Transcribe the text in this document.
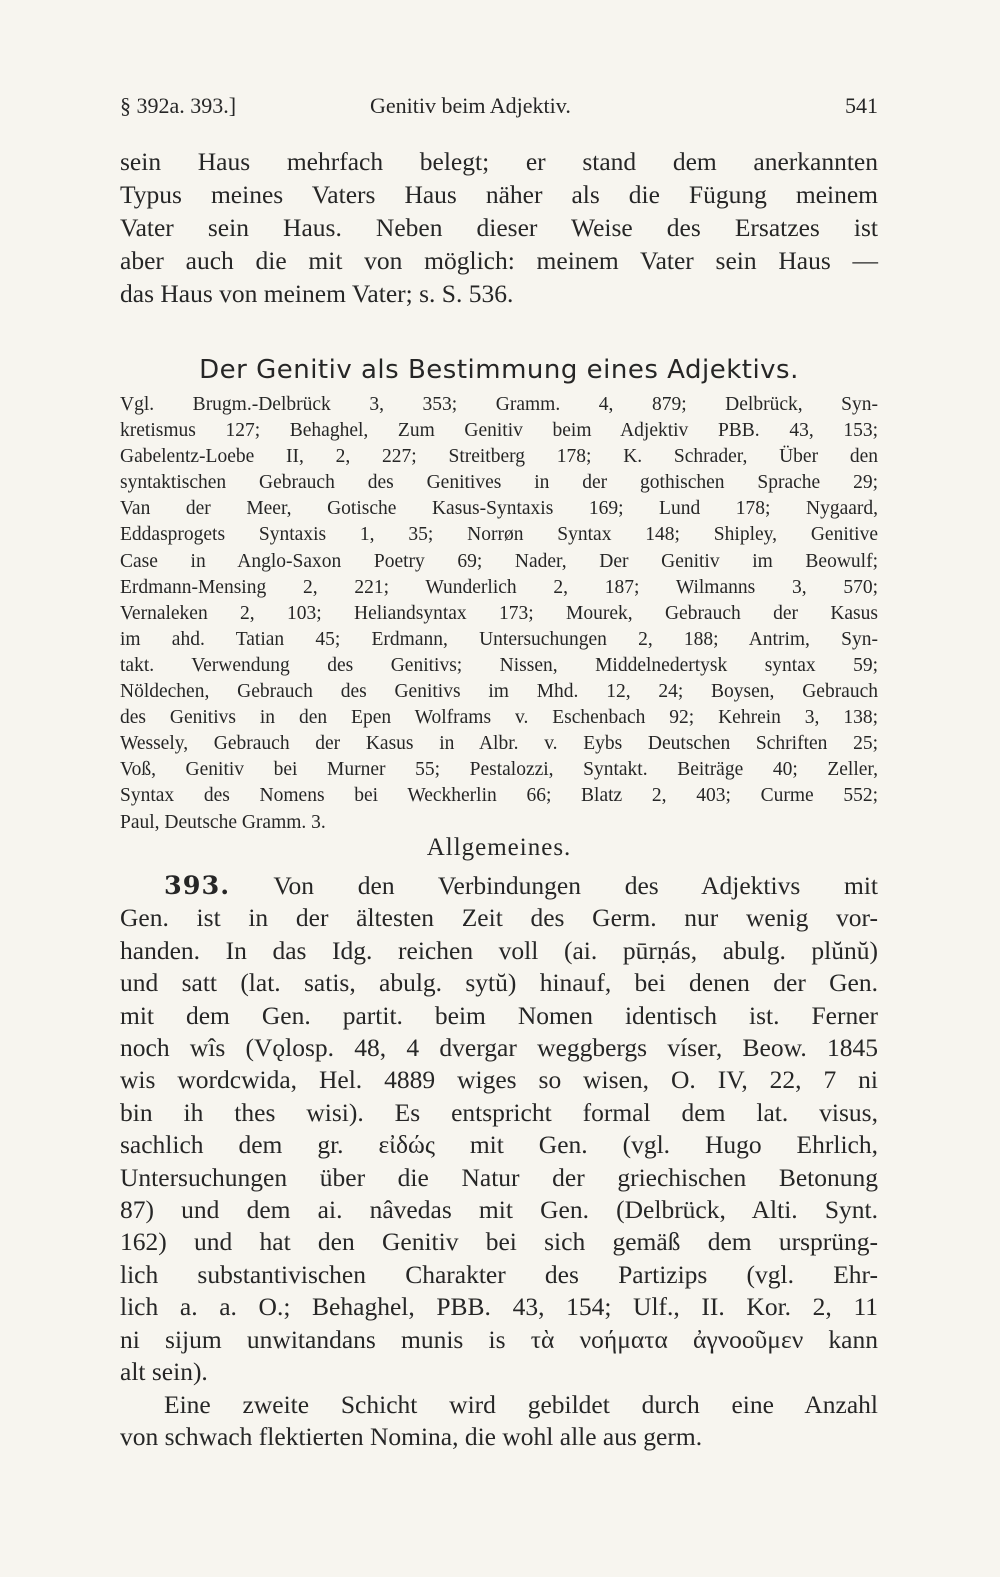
§ 392a. 393.]	Genitiv beim Adjektiv.	541
sein Haus mehrfach belegt; er stand dem anerkannten
Typus meines Vaters Haus näher als die Fügung meinem
Vater sein Haus. Neben dieser Weise des Ersatzes ist
aber auch die mit von möglich: meinem Vater sein Haus —
das Haus von meinem Vater; s. S. 536.
Der Genitiv als Bestimmung eines Adjektivs.
Vgl. Brugm.-Delbrück 3, 353; Gramm. 4, 879; Delbrück, Syn-
kretismus 127; Behaghel, Zum Genitiv beim Adjektiv PBB. 43, 153;
Gabelentz-Loebe II, 2, 227; Streitberg 178; K. Schrader, Über den
syntaktischen Gebrauch des Genitives in der gothischen Sprache 29;
Van der Meer, Gotische Kasus-Syntaxis 169; Lund 178; Nygaard,
Eddasprogets Syntaxis 1, 35; Norrøn Syntax 148; Shipley, Genitive
Case in Anglo-Saxon Poetry 69; Nader, Der Genitiv im Beowulf;
Erdmann-Mensing 2, 221; Wunderlich 2, 187; Wilmanns 3, 570;
Vernaleken 2, 103; Heliandsyntax 173; Mourek, Gebrauch der Kasus
im ahd. Tatian 45; Erdmann, Untersuchungen 2, 188; Antrim, Syn-
takt. Verwendung des Genitivs; Nissen, Middelnedertysk syntax 59;
Nöldechen, Gebrauch des Genitivs im Mhd. 12, 24; Boysen, Gebrauch
des Genitivs in den Epen Wolframs v. Eschenbach 92; Kehrein 3, 138;
Wessely, Gebrauch der Kasus in Albr. v. Eybs Deutschen Schriften 25;
Voß, Genitiv bei Murner 55; Pestalozzi, Syntakt. Beiträge 40; Zeller,
Syntax des Nomens bei Weckherlin 66; Blatz 2, 403; Curme 552;
Paul, Deutsche Gramm. 3.
Allgemeines.
393. Von den Verbindungen des Adjektivs mit
Gen. ist in der ältesten Zeit des Germ. nur wenig vor-
handen. In das Idg. reichen voll (ai. pūrṇás, abulg. plŭnŭ)
und satt (lat. satis, abulg. sytŭ) hinauf, bei denen der Gen.
mit dem Gen. partit. beim Nomen identisch ist. Ferner
noch wîs (Vǫlosp. 48, 4 dvergar weggbergs víser, Beow. 1845
wis wordcwida, Hel. 4889 wiges so wisen, O. IV, 22, 7 ni
bin ih thes wisi). Es entspricht formal dem lat. visus,
sachlich dem gr. εἰδώς mit Gen. (vgl. Hugo Ehrlich,
Untersuchungen über die Natur der griechischen Betonung
87) und dem ai. nâvedas mit Gen. (Delbrück, Alti. Synt.
162) und hat den Genitiv bei sich gemäß dem ursprüng-
lich substantivischen Charakter des Partizips (vgl. Ehr-
lich a. a. O.; Behaghel, PBB. 43, 154; Ulf., II. Kor. 2, 11
ni sijum unwitandans munis is τὰ νοήματα ἀγνοοῦμεν kann
alt sein).
Eine zweite Schicht wird gebildet durch eine Anzahl
von schwach flektierten Nomina, die wohl alle aus germ.
